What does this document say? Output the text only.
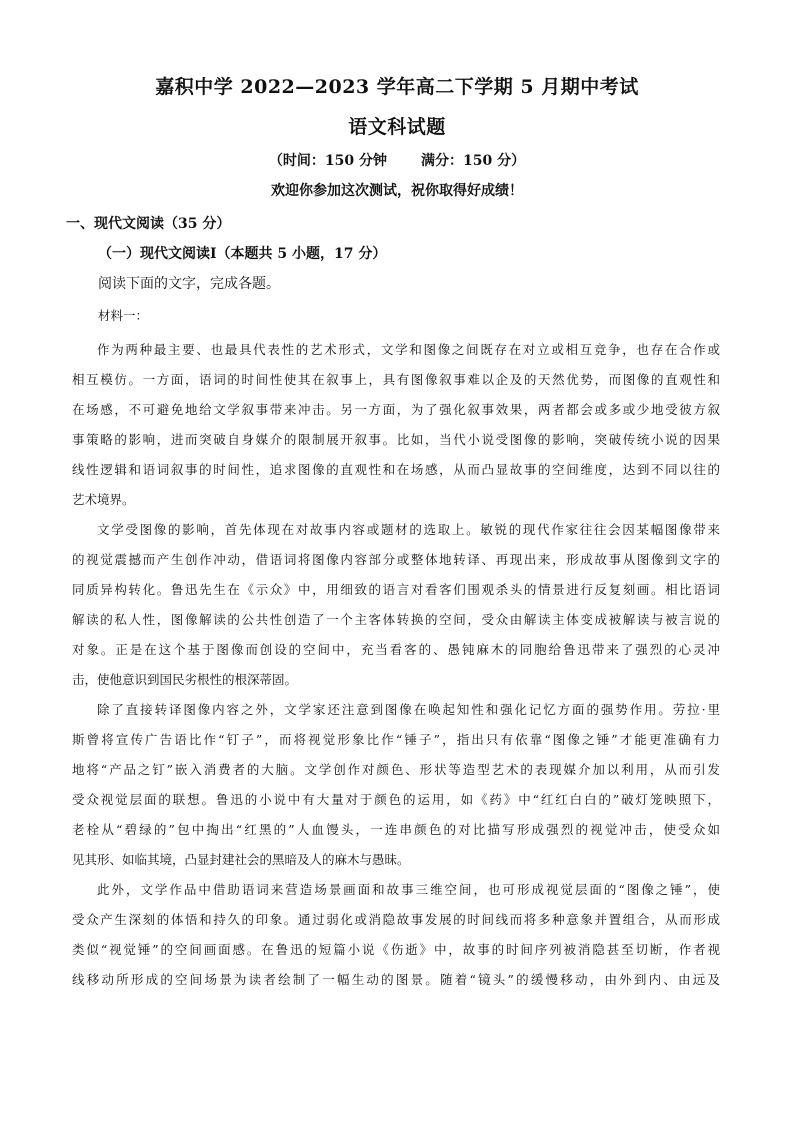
嘉积中学 2022—2023 学年高二下学期 5 月期中考试
语文科试题
（时间：150 分钟 满分：150 分）
欢迎你参加这次测试，祝你取得好成绩！
一、现代文阅读（35 分）
（一）现代文阅读Ⅰ（本题共 5 小题，17 分）
阅读下面的文字，完成各题。
材料一：
作为两种最主要、也最具代表性的艺术形式，文学和图像之间既存在对立或相互竞争，也存在合作或
相互模仿。一方面，语词的时间性使其在叙事上，具有图像叙事难以企及的天然优势，而图像的直观性和
在场感，不可避免地给文学叙事带来冲击。另一方面，为了强化叙事效果，两者都会或多或少地受彼方叙
事策略的影响，进而突破自身媒介的限制展开叙事。比如，当代小说受图像的影响，突破传统小说的因果
线性逻辑和语词叙事的时间性，追求图像的直观性和在场感，从而凸显故事的空间维度，达到不同以往的
艺术境界。
文学受图像的影响，首先体现在对故事内容或题材的选取上。敏锐的现代作家往往会因某幅图像带来
的视觉震撼而产生创作冲动，借语词将图像内容部分或整体地转译、再现出来，形成故事从图像到文字的
同质异构转化。鲁迅先生在《示众》中，用细致的语言对看客们围观杀头的情景进行反复刻画。相比语词
解读的私人性，图像解读的公共性创造了一个主客体转换的空间，受众由解读主体变成被解读与被言说的
对象。正是在这个基于图像而创设的空间中，充当看客的、愚钝麻木的同胞给鲁迅带来了强烈的心灵冲
击，使他意识到国民劣根性的根深蒂固。
除了直接转译图像内容之外，文学家还注意到图像在唤起知性和强化记忆方面的强势作用。劳拉·里
斯曾将宣传广告语比作“钉子”，而将视觉形象比作“锤子”，指出只有依靠“图像之锤”才能更准确有力
地将“产品之钉”嵌入消费者的大脑。文学创作对颜色、形状等造型艺术的表现媒介加以利用，从而引发
受众视觉层面的联想。鲁迅的小说中有大量对于颜色的运用，如《药》中“红红白白的”破灯笼映照下，
老栓从“碧绿的”包中掏出“红黑的”人血馒头，一连串颜色的对比描写形成强烈的视觉冲击，使受众如
见其形、如临其境，凸显封建社会的黑暗及人的麻木与愚昧。
此外，文学作品中借助语词来营造场景画面和故事三维空间，也可形成视觉层面的“图像之锤”，使
受众产生深刻的体悟和持久的印象。通过弱化或消隐故事发展的时间线而将多种意象并置组合，从而形成
类似“视觉锤”的空间画面感。在鲁迅的短篇小说《伤逝》中，故事的时间序列被消隐甚至切断，作者视
线移动所形成的空间场景为读者绘制了一幅生动的图景。随着“镜头”的缓慢移动，由外到内、由远及
